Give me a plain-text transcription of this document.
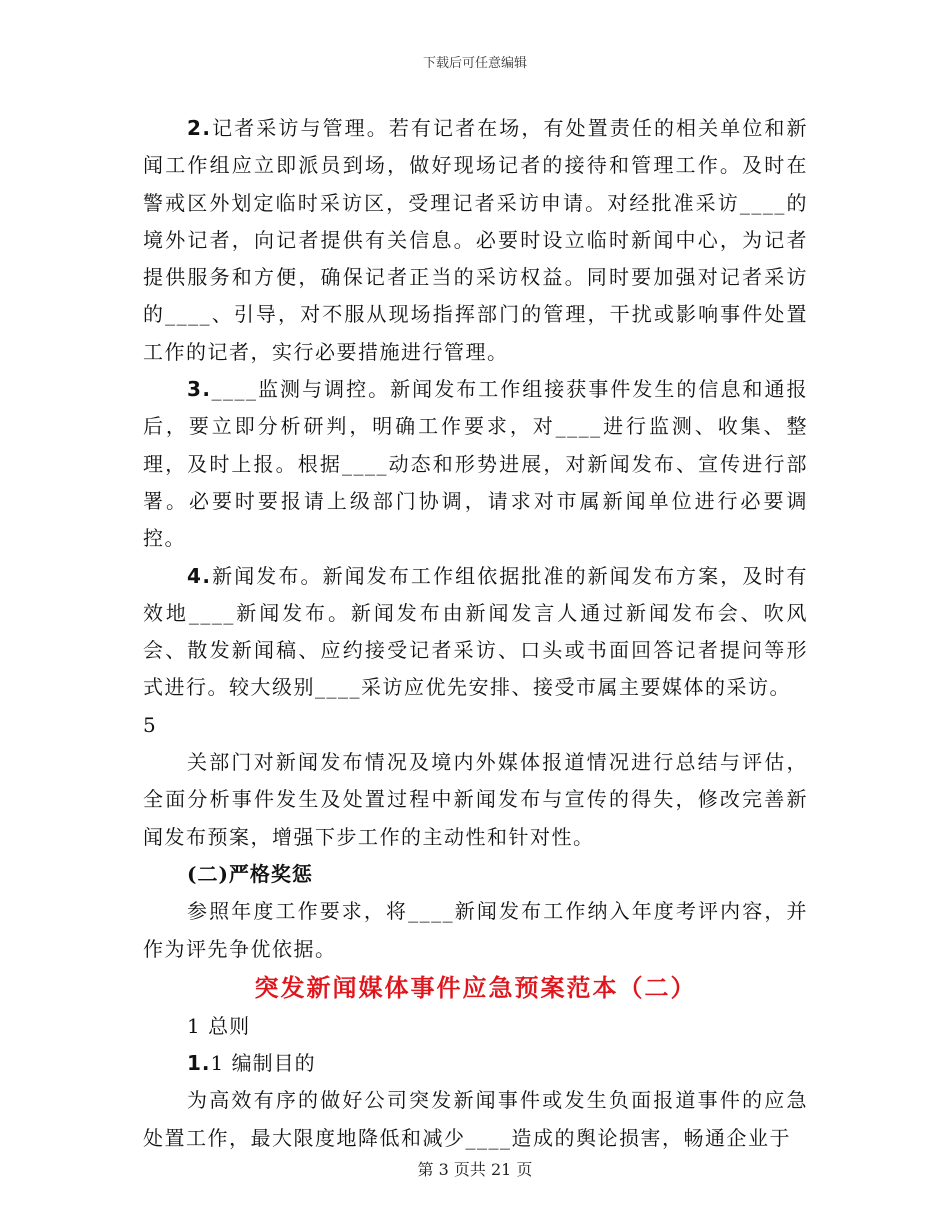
下载后可任意编辑

2.记者采访与管理。若有记者在场，有处置责任的相关单位和新闻工作组应立即派员到场，做好现场记者的接待和管理工作。及时在警戒区外划定临时采访区，受理记者采访申请。对经批准采访____的境外记者，向记者提供有关信息。必要时设立临时新闻中心，为记者提供服务和方便，确保记者正当的采访权益。同时要加强对记者采访的____、引导，对不服从现场指挥部门的管理，干扰或影响事件处置工作的记者，实行必要措施进行管理。

3.____监测与调控。新闻发布工作组接获事件发生的信息和通报后，要立即分析研判，明确工作要求，对____进行监测、收集、整理，及时上报。根据____动态和形势进展，对新闻发布、宣传进行部署。必要时要报请上级部门协调，请求对市属新闻单位进行必要调控。

4.新闻发布。新闻发布工作组依据批准的新闻发布方案，及时有效地____新闻发布。新闻发布由新闻发言人通过新闻发布会、吹风会、散发新闻稿、应约接受记者采访、口头或书面回答记者提问等形式进行。较大级别____采访应优先安排、接受市属主要媒体的采访。

5

关部门对新闻发布情况及境内外媒体报道情况进行总结与评估，全面分析事件发生及处置过程中新闻发布与宣传的得失，修改完善新闻发布预案，增强下步工作的主动性和针对性。

(二)严格奖惩

参照年度工作要求，将____新闻发布工作纳入年度考评内容，并作为评先争优依据。

突发新闻媒体事件应急预案范本（二）

1 总则

1.1 编制目的

为高效有序的做好公司突发新闻事件或发生负面报道事件的应急处置工作，最大限度地降低和减少____造成的舆论损害，畅通企业于

第 3 页共 21 页
